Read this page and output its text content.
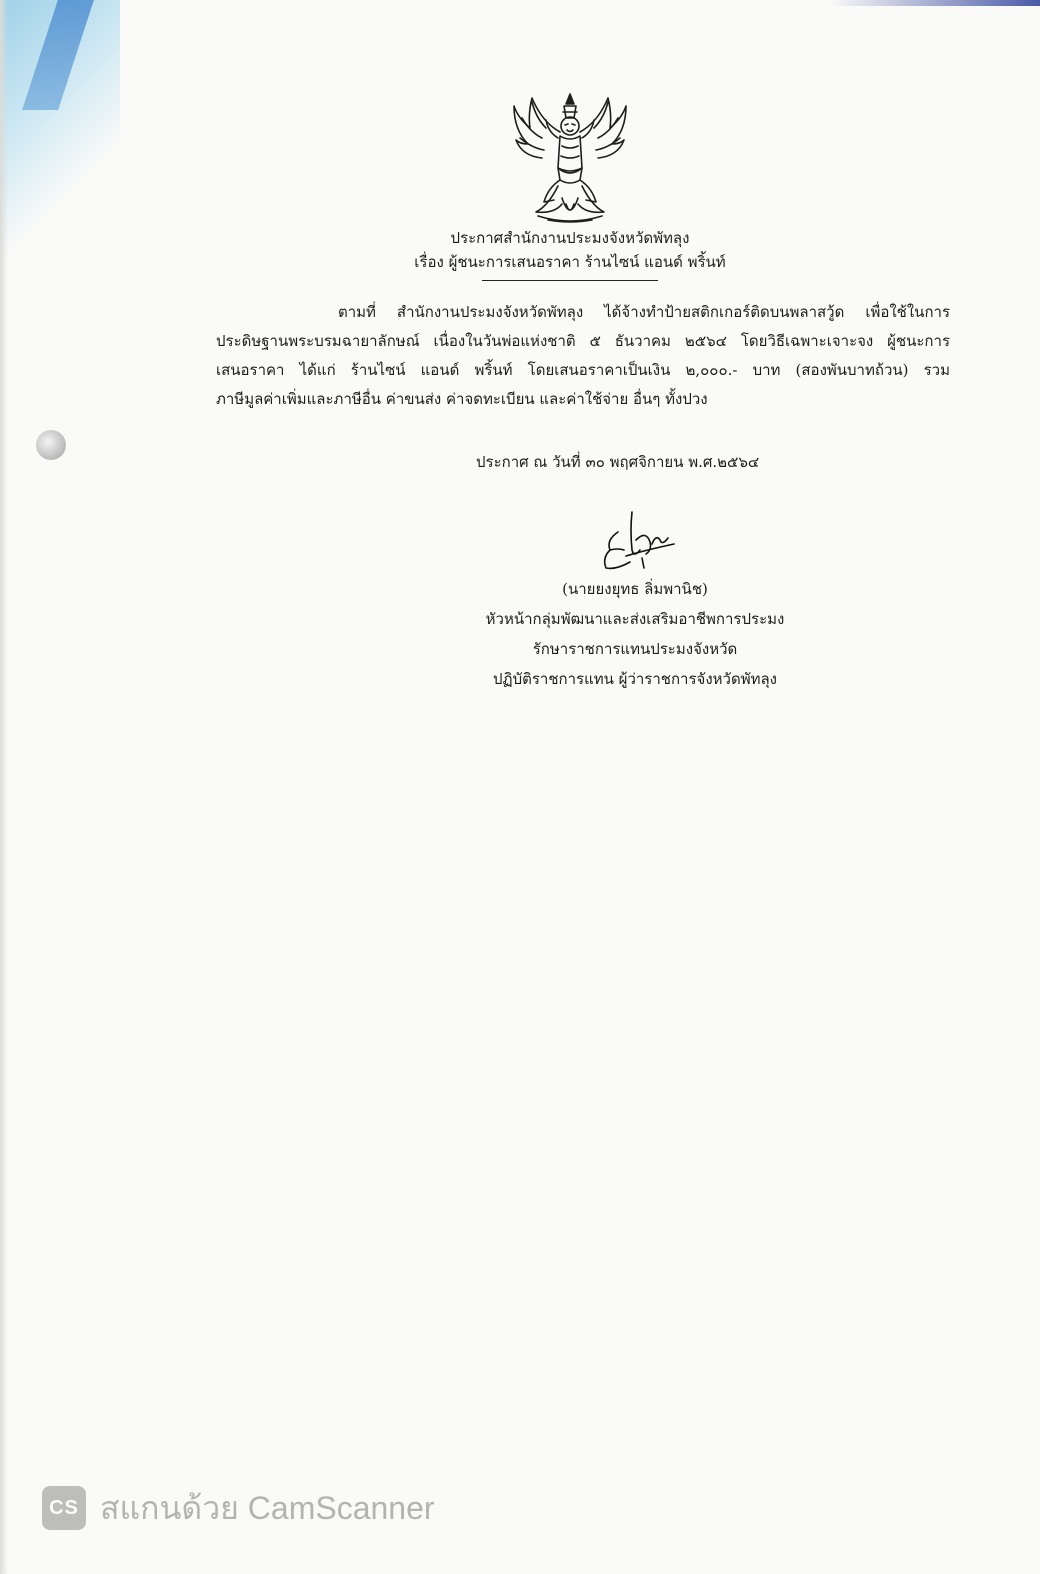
ประกาศสำนักงานประมงจังหวัดพัทลุง
เรื่อง ผู้ชนะการเสนอราคา ร้านไซน์ แอนด์ พริ้นท์
ตามที่ สำนักงานประมงจังหวัดพัทลุง ได้จ้างทำป้ายสติกเกอร์ติดบนพลาสวู้ด เพื่อใช้ในการ
ประดิษฐานพระบรมฉายาลักษณ์ เนื่องในวันพ่อแห่งชาติ ๕ ธันวาคม ๒๕๖๔ โดยวิธีเฉพาะเจาะจง ผู้ชนะการ
เสนอราคา ได้แก่ ร้านไซน์ แอนด์ พริ้นท์ โดยเสนอราคาเป็นเงิน ๒,๐๐๐.- บาท (สองพันบาทถ้วน) รวม
ภาษีมูลค่าเพิ่มและภาษีอื่น ค่าขนส่ง ค่าจดทะเบียน และค่าใช้จ่าย อื่นๆ ทั้งปวง
ประกาศ ณ วันที่ ๓๐ พฤศจิกายน พ.ศ.๒๕๖๔
(นายยงยุทธ ลิ่มพานิช)
หัวหน้ากลุ่มพัฒนาและส่งเสริมอาชีพการประมง
รักษาราชการแทนประมงจังหวัด
ปฏิบัติราชการแทน ผู้ว่าราชการจังหวัดพัทลุง
CS สแกนด้วย CamScanner
